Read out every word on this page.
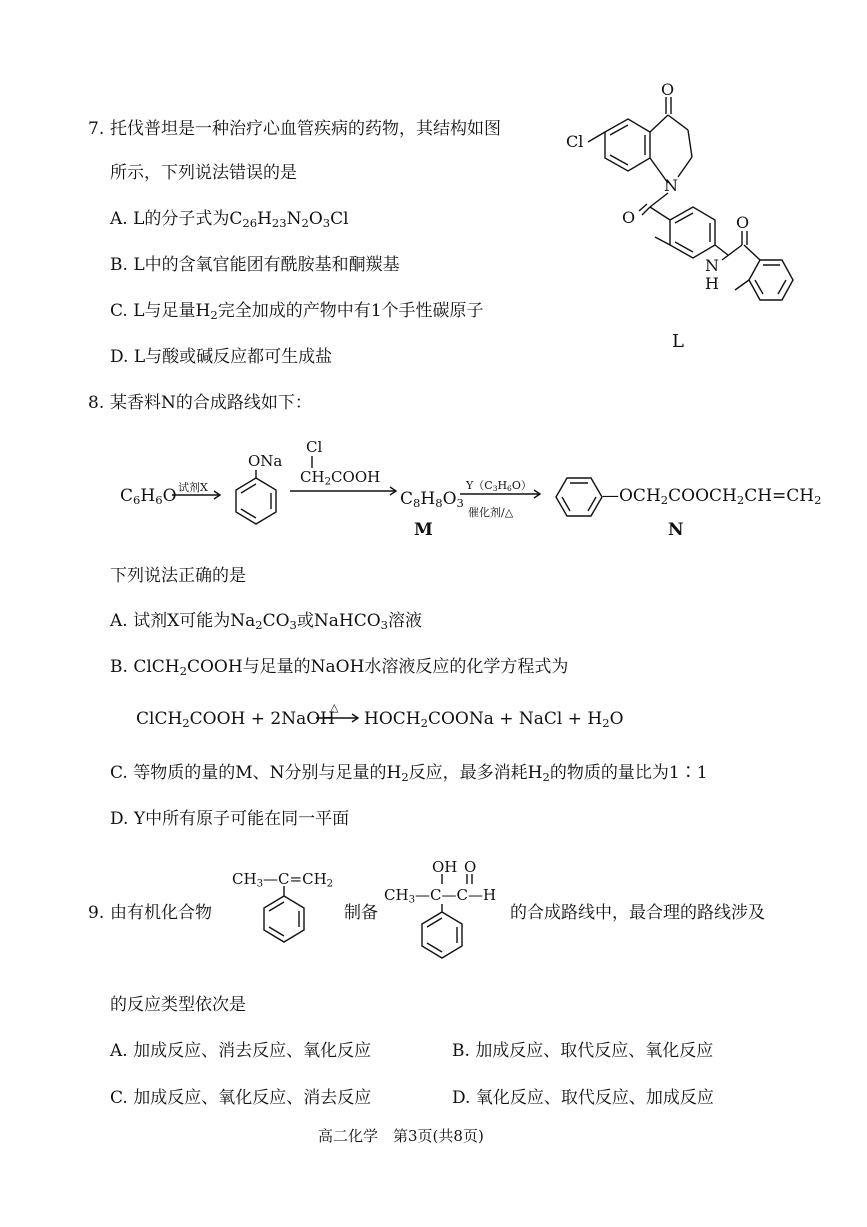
7. 托伐普坦是一种治疗心血管疾病的药物，其结构如图
所示，下列说法错误的是
A. L的分子式为$C_{26}H_{23}N_2O_3Cl$
B. L中的含氧官能团有酰胺基和酮羰基
C. L与足量$H_2$完全加成的产物中有1个手性碳原子
D. L与酸或碱反应都可生成盐
Cl
O
N
O
N
H
O
L
8. 某香料N的合成路线如下：
$C_6H_6O$ 试剂X
ONa
Cl
$CH_2COOH$
$C_8H_8O_3$
M
$Y(C_3H_6O)$
催化剂/△
$—OCH_2COOCH_2CH=CH_2$
N
下列说法正确的是
A. 试剂X可能为$Na_2CO_3$或NaHCO$_3$溶液
B. ClCH$_2$COOH与足量的NaOH水溶液反应的化学方程式为
ClCH$_2$COOH + 2NaOH
△
$HOCH_2COONa$ + NaCl + $H_2O$
C. 等物质的量的M、N分别与足量的$H_2$反应，最多消耗$H_2$的物质的量比为1∶1
D. Y中所有原子可能在同一平面
9. 由有机化合物
$CH_3—C=CH_2$
制备
OH O
$CH_3—C—C—H$
的合成路线中，最合理的路线涉及
的反应类型依次是
A. 加成反应、消去反应、氧化反应	B. 加成反应、取代反应、氧化反应
C. 加成反应、氧化反应、消去反应	D. 氧化反应、取代反应、加成反应
高二化学　第3页(共8页)
